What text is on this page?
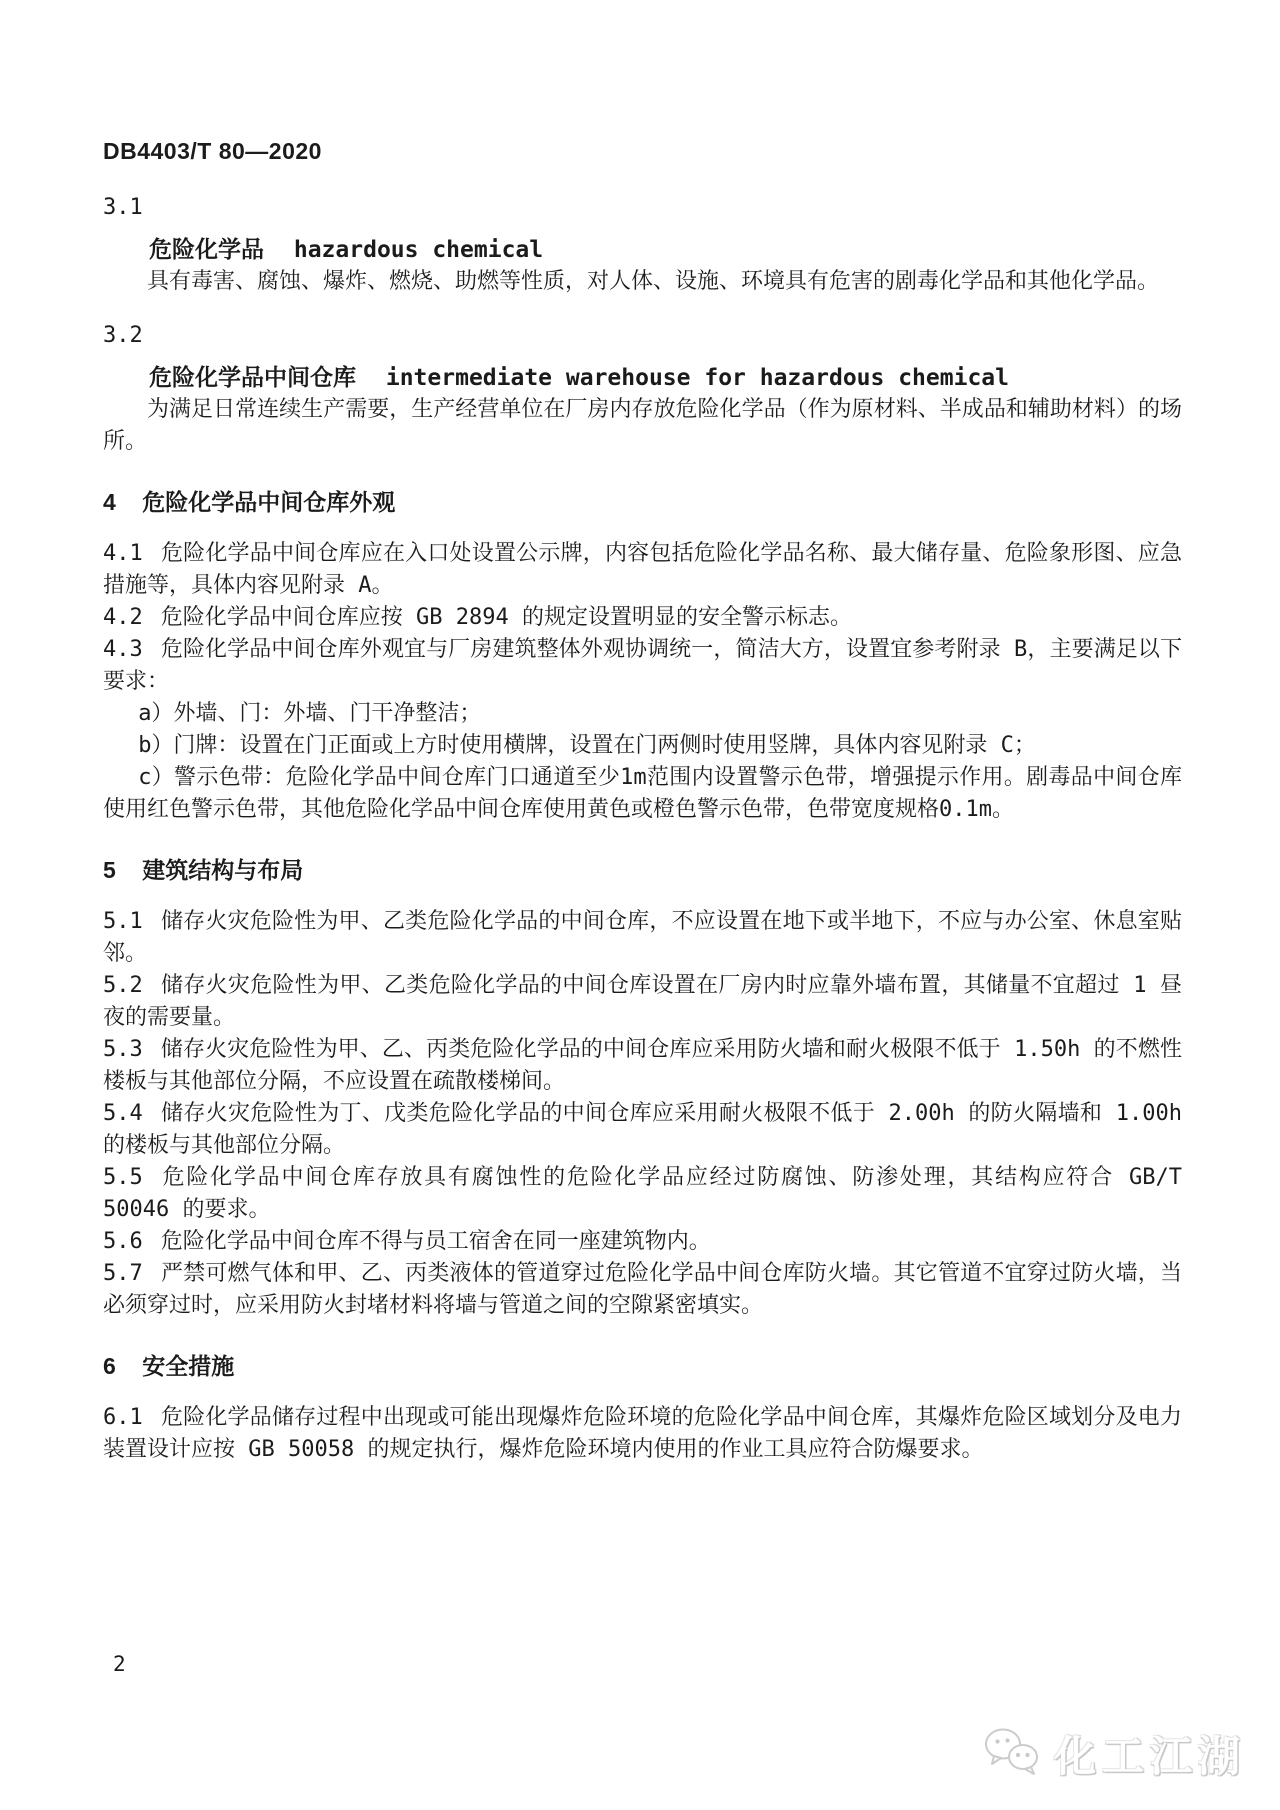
DB4403/T 80—2020
3.1
危险化学品 hazardous chemical

具有毒害、腐蚀、爆炸、燃烧、助燃等性质，对人体、设施、环境具有危害的剧毒化学品和其他化学品。

3.2
危险化学品中间仓库 intermediate warehouse for hazardous chemical

为满足日常连续生产需要，生产经营单位在厂房内存放危险化学品（作为原材料、半成品和辅助材料）的场所。

4 危险化学品中间仓库外观

4.1 危险化学品中间仓库应在入口处设置公示牌，内容包括危险化学品名称、最大储存量、危险象形图、应急措施等，具体内容见附录 A。

4.2 危险化学品中间仓库应按 GB 2894 的规定设置明显的安全警示标志。

4.3 危险化学品中间仓库外观宜与厂房建筑整体外观协调统一，简洁大方，设置宜参考附录 B，主要满足以下要求：

a）外墙、门：外墙、门干净整洁；

b）门牌：设置在门正面或上方时使用横牌，设置在门两侧时使用竖牌，具体内容见附录 C；

c）警示色带：危险化学品中间仓库门口通道至少1m范围内设置警示色带，增强提示作用。剧毒品中间仓库使用红色警示色带，其他危险化学品中间仓库使用黄色或橙色警示色带，色带宽度规格0.1m。

5 建筑结构与布局

5.1 储存火灾危险性为甲、乙类危险化学品的中间仓库，不应设置在地下或半地下，不应与办公室、休息室贴邻。

5.2 储存火灾危险性为甲、乙类危险化学品的中间仓库设置在厂房内时应靠外墙布置，其储量不宜超过 1 昼夜的需要量。

5.3 储存火灾危险性为甲、乙、丙类危险化学品的中间仓库应采用防火墙和耐火极限不低于 1.50h 的不燃性楼板与其他部位分隔，不应设置在疏散楼梯间。

5.4 储存火灾危险性为丁、戊类危险化学品的中间仓库应采用耐火极限不低于 2.00h 的防火隔墙和 1.00h 的楼板与其他部位分隔。

5.5 危险化学品中间仓库存放具有腐蚀性的危险化学品应经过防腐蚀、防渗处理，其结构应符合 GB/T 50046 的要求。

5.6 危险化学品中间仓库不得与员工宿舍在同一座建筑物内。

5.7 严禁可燃气体和甲、乙、丙类液体的管道穿过危险化学品中间仓库防火墙。其它管道不宜穿过防火墙，当必须穿过时，应采用防火封堵材料将墙与管道之间的空隙紧密填实。

6 安全措施

6.1 危险化学品储存过程中出现或可能出现爆炸危险环境的危险化学品中间仓库，其爆炸危险区域划分及电力装置设计应按 GB 50058 的规定执行，爆炸危险环境内使用的作业工具应符合防爆要求。

2
化工江湖
